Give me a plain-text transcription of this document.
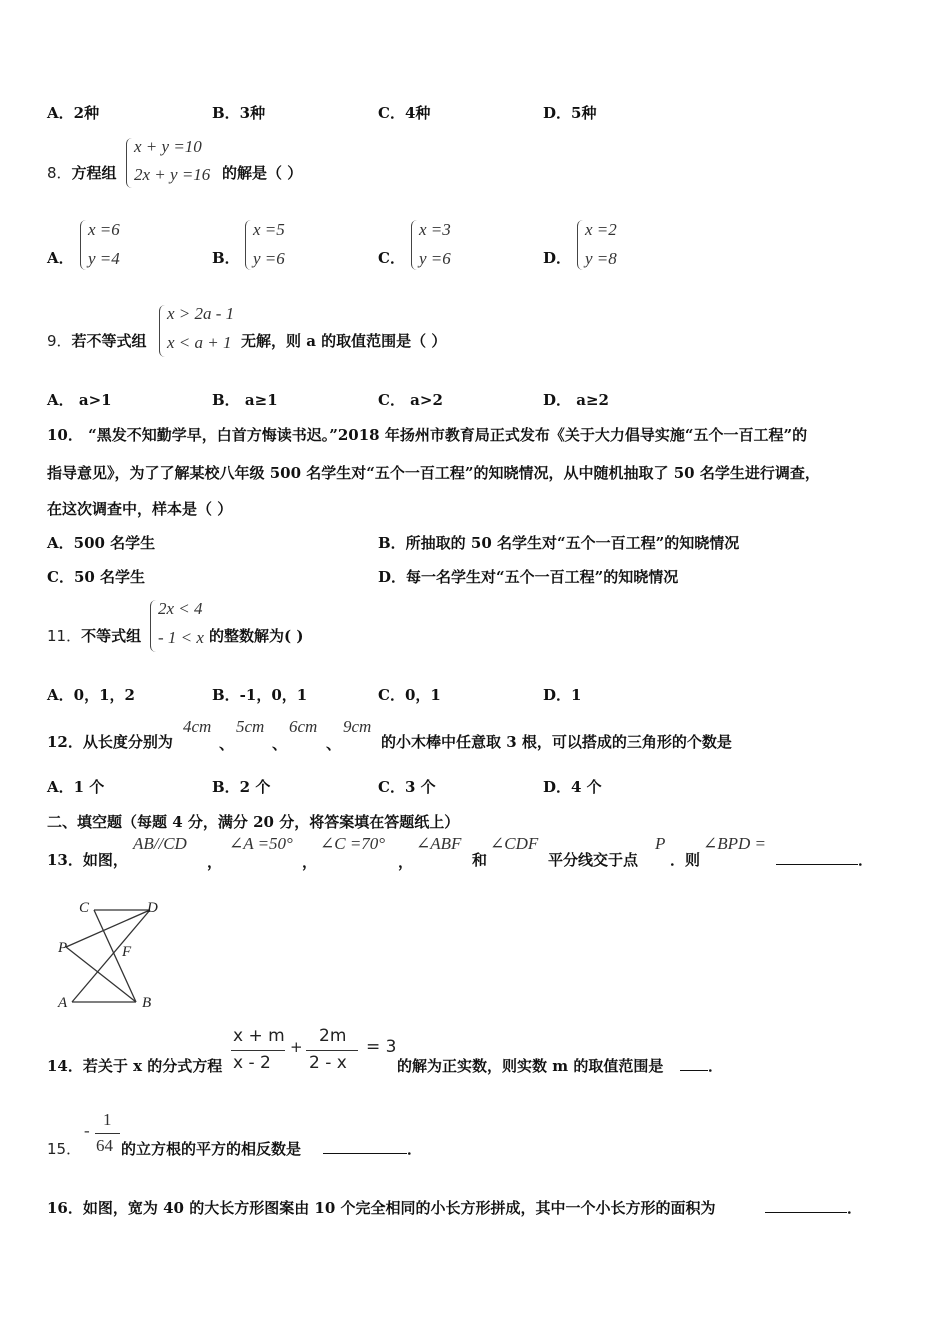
A．2种	B．3种	C．4种	D．5种
8．方程组
x + y =10
2x + y =16 的解是（ ）
A．
x =6
y =4	B．
x =5
y =6	C．
x =3
y =6	D．
x =2
y =8
9．若不等式组
x > 2a - 1
x < a + 1 无解，则 a 的取值范围是（ ）
A． a>1	B． a≥1	C． a>2	D． a≥2
10． “黑发不知勤学早，白首方悔读书迟。”2018 年扬州市教育局正式发布《关于大力倡导实施“五个一百工程”的
指导意见》，为了了解某校八年级 500 名学生对“五个一百工程”的知晓情况，从中随机抽取了 50 名学生进行调查，
在这次调查中，样本是（ ）
A．500 名学生	B．所抽取的 50 名学生对“五个一百工程”的知晓情况
C．50 名学生	D．每一名学生对“五个一百工程”的知晓情况
11．不等式组
2x < 4
- 1 < x 的整数解为( )
A．0，1，2	B．-1，0，1	C．0，1	D．1
12．从长度分别为
4cm
、
5cm
、
6cm
、
9cm
的小木棒中任意取 3 根，可以搭成的三角形的个数是
A．1 个	B．2 个	C．3 个	D．4 个
二、填空题（每题 4 分，满分 20 分，将答案填在答题纸上）
13．如图，
AB//CD
，
∠A =50°
，
∠C =70°
，
∠ABF
和
∠CDF
平分线交于点
P
．则
∠BPD =
．
C	D
P	F
A	B
14．若关于 x 的分式方程
x + m
x - 2
+
2m
2 - x
= 3
的解为正实数，则实数 m 的取值范围是	．
15．
-
1
64 的立方根的平方的相反数是	．
16．如图，宽为 40 的大长方形图案由 10 个完全相同的小长方形拼成，其中一个小长方形的面积为	．
